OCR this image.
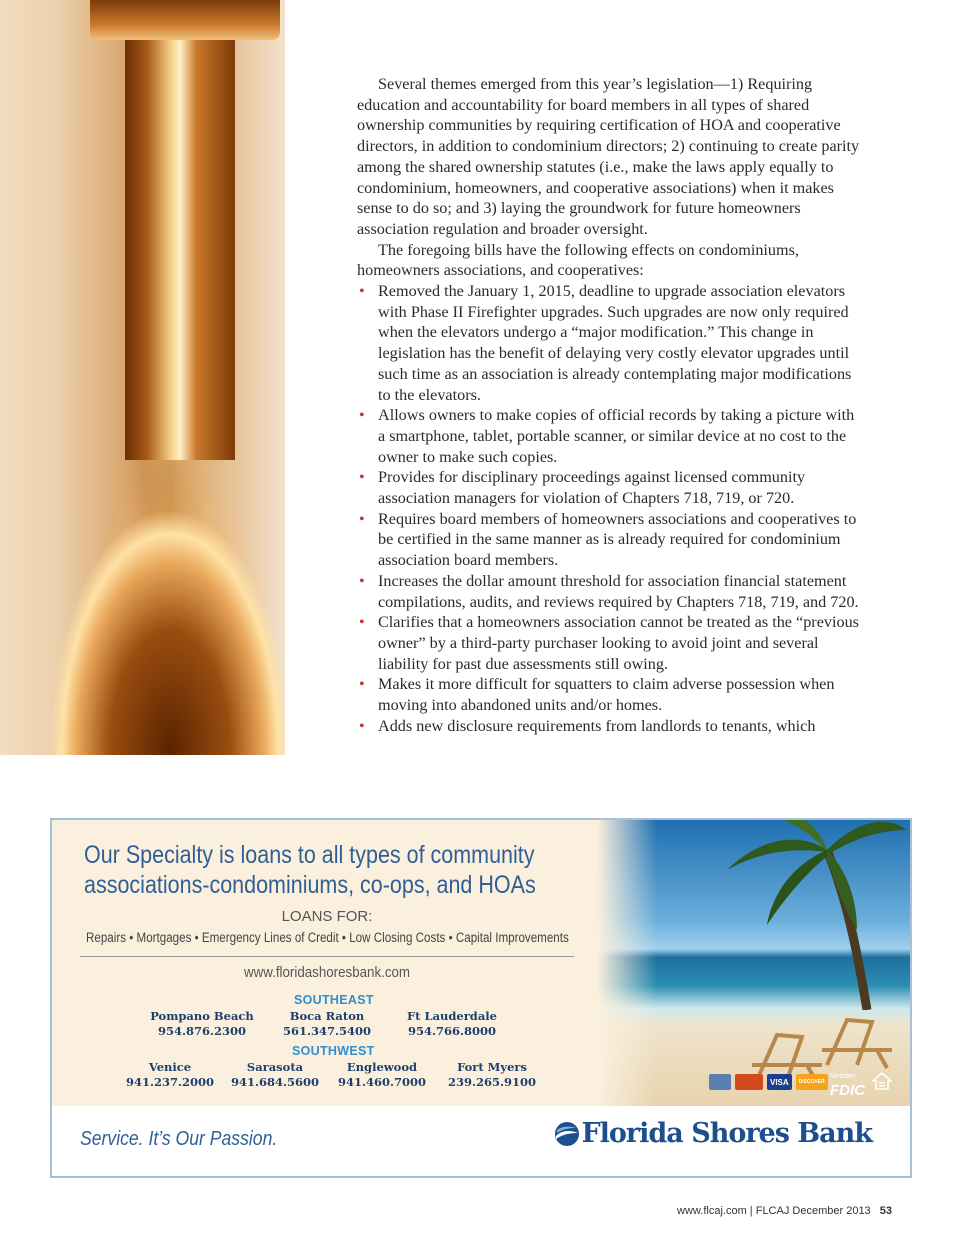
Several themes emerged from this year’s legislation—1) Requiring education and accountability for board members in all types of shared ownership communities by requiring certification of HOA and cooperative directors, in addition to condominium directors; 2) continuing to create parity among the shared ownership statutes (i.e., make the laws apply equally to condominium, homeowners, and cooperative associations) when it makes sense to do so; and 3) laying the groundwork for future homeowners association regulation and broader oversight.

The foregoing bills have the following effects on condominiums, homeowners associations, and cooperatives:

• Removed the January 1, 2015, deadline to upgrade association elevators with Phase II Firefighter upgrades. Such upgrades are now only required when the elevators undergo a “major modification.” This change in legislation has the benefit of delaying very costly elevator upgrades until such time as an association is already contemplating major modifications to the elevators.
• Allows owners to make copies of official records by taking a picture with a smartphone, tablet, portable scanner, or similar device at no cost to the owner to make such copies.
• Provides for disciplinary proceedings against licensed community association managers for violation of Chapters 718, 719, or 720.
• Requires board members of homeowners associations and cooperatives to be certified in the same manner as is already required for condominium association board members.
• Increases the dollar amount threshold for association financial statement compilations, audits, and reviews required by Chapters 718, 719, and 720.
• Clarifies that a homeowners association cannot be treated as the “previous owner” by a third-party purchaser looking to avoid joint and several liability for past due assessments still owing.
• Makes it more difficult for squatters to claim adverse possession when moving into abandoned units and/or homes.
• Adds new disclosure requirements from landlords to tenants, which
Our Specialty is loans to all types of community
associations-condominiums, co-ops, and HOAs
LOANS FOR:
Repairs • Mortgages • Emergency Lines of Credit • Low Closing Costs • Capital Improvements
www.floridashoresbank.com
SOUTHEAST
Pompano Beach
954.876.2300
Boca Raton
561.347.5400
Ft Lauderdale
954.766.8000
SOUTHWEST
Venice
941.237.2000
Sarasota
941.684.5600
Englewood
941.460.7000
Fort Myers
239.265.9100	VISA	DISCOVER
Member
FDIC
Service. It’s Our Passion.	Florida Shores Bank
www.flcaj.com | FLCAJ December 2013 53
